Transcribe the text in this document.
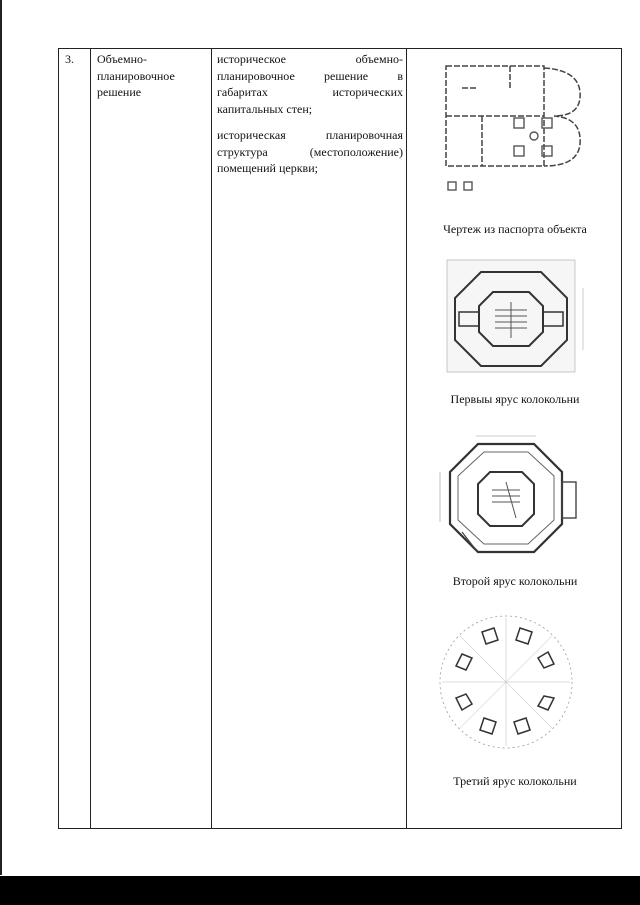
3. Объемно-
планировочное
решение

историческое объемно-планировочное решение в габаритах исторических капитальных стен;

историческая планировочная структура (местоположение) помещений церкви;

Чертеж из паспорта объекта
Первыы ярус колокольни
Второй ярус колокольни
Третий ярус колокольни
